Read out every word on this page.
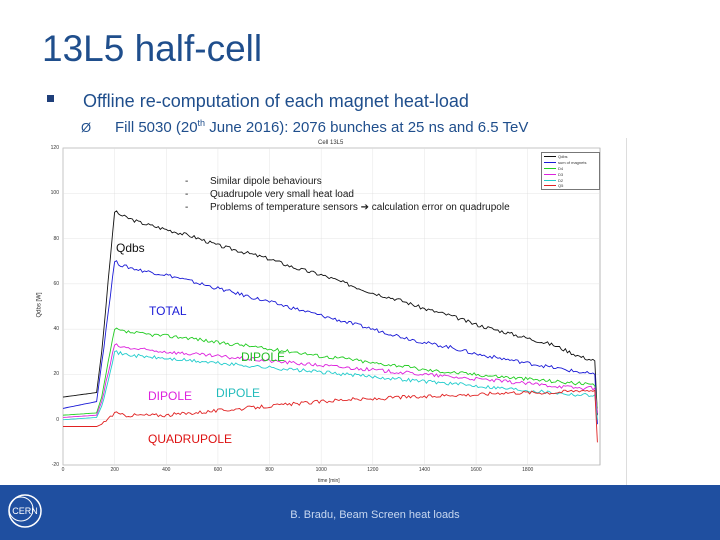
13L5 half-cell
Offline re-computation of each magnet heat-load
Ø Fill 5030 (20th June 2016): 2076 bunches at 25 ns and 6.5 TeV
Cell 13L5
Qdbs [W]
time [min]
-20
0
20
40
60
80
100
120
0	200	400	600	800	1000	1200	1400	1600	1800
Qdbs
sum of magnets
D4
D3
D2
Q5
- Similar dipole behaviours
- Quadrupole very small heat load
- Problems of temperature sensors ➔ calculation error on quadrupole
Qdbs
TOTAL
DIPOLE
DIPOLE DIPOLE
QUADRUPOLE
CERN	B. Bradu, Beam Screen heat loads
